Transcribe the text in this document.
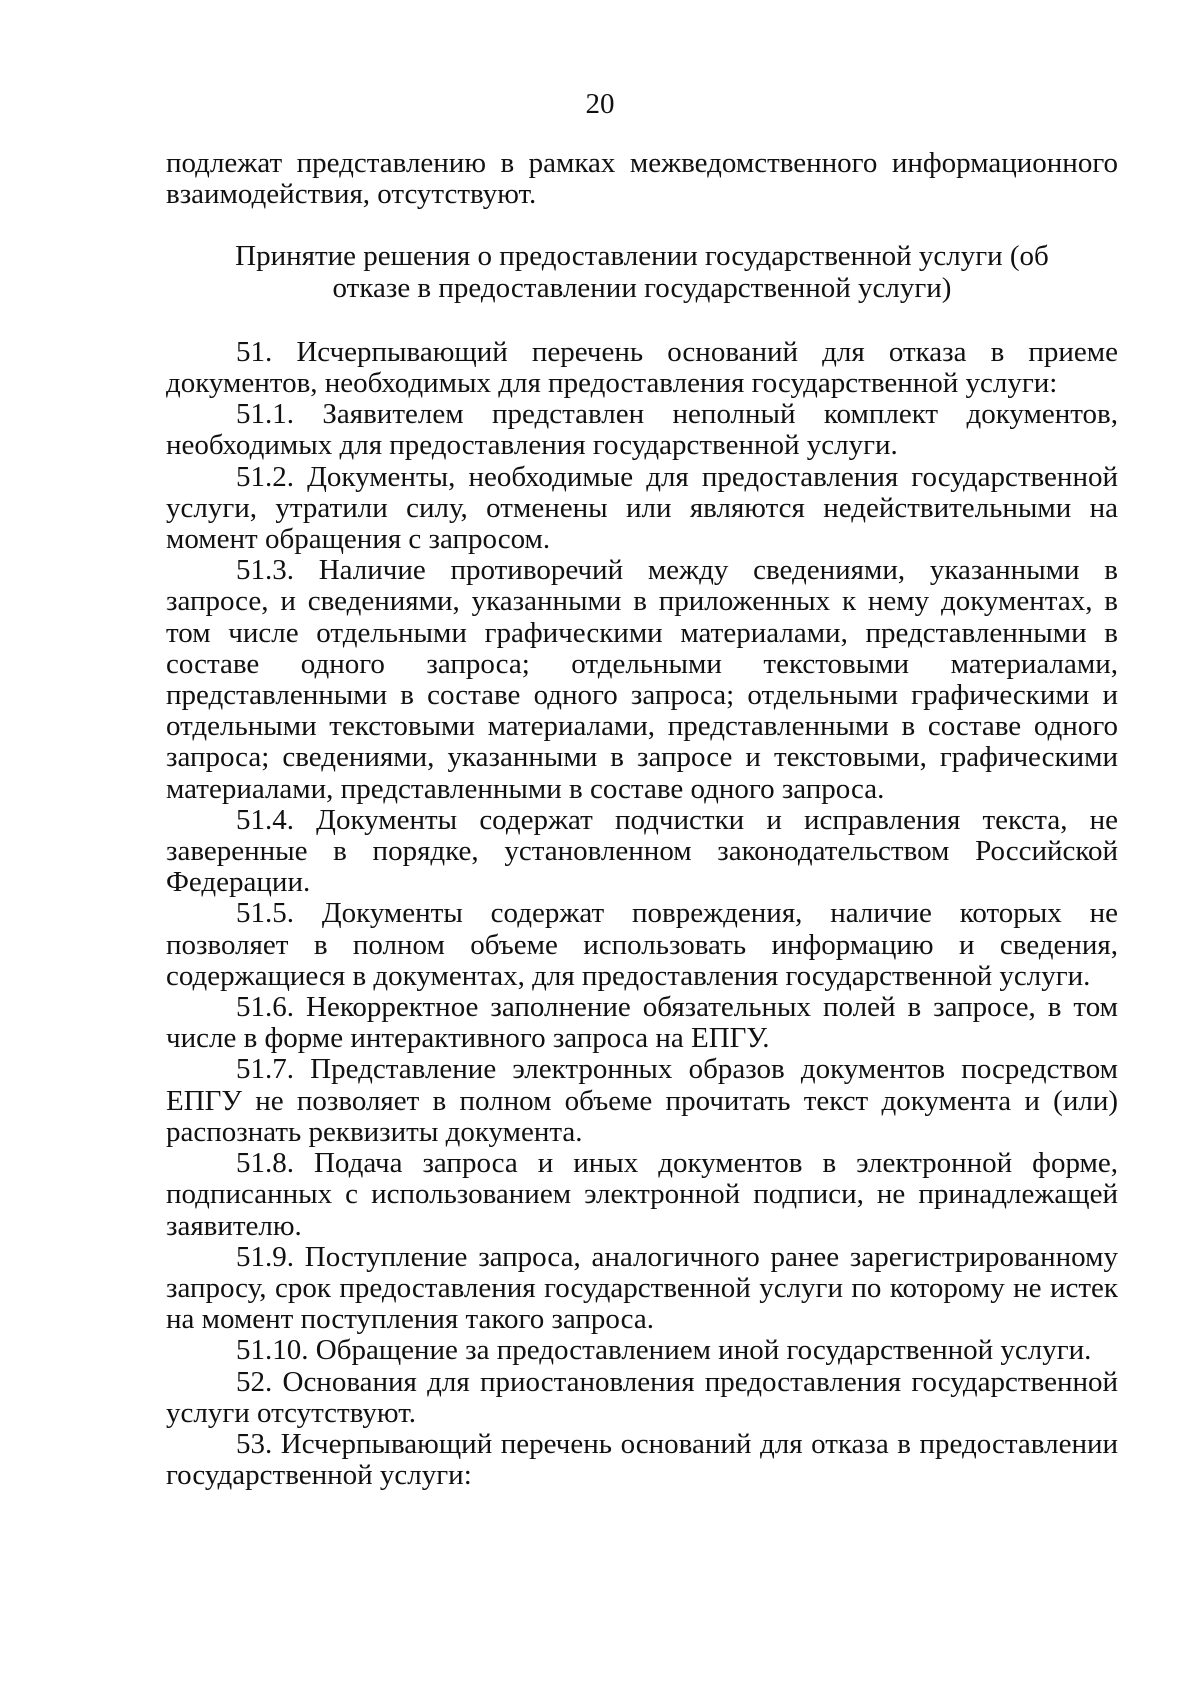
20

подлежат представлению в рамках межведомственного информационного взаимодействия, отсутствуют.

Принятие решения о предоставлении государственной услуги (об
отказе в предоставлении государственной услуги)

51. Исчерпывающий перечень оснований для отказа в приеме документов, необходимых для предоставления государственной услуги:

51.1. Заявителем представлен неполный комплект документов, необходимых для предоставления государственной услуги.

51.2. Документы, необходимые для предоставления государственной услуги, утратили силу, отменены или являются недействительными на момент обращения с запросом.

51.3. Наличие противоречий между сведениями, указанными в запросе, и сведениями, указанными в приложенных к нему документах, в том числе отдельными графическими материалами, представленными в составе одного запроса; отдельными текстовыми материалами, представленными в составе одного запроса; отдельными графическими и отдельными текстовыми материалами, представленными в составе одного запроса; сведениями, указанными в запросе и текстовыми, графическими материалами, представленными в составе одного запроса.

51.4. Документы содержат подчистки и исправления текста, не заверенные в порядке, установленном законодательством Российской Федерации.

51.5. Документы содержат повреждения, наличие которых не позволяет в полном объеме использовать информацию и сведения, содержащиеся в документах, для предоставления государственной услуги.

51.6. Некорректное заполнение обязательных полей в запросе, в том числе в форме интерактивного запроса на ЕПГУ.

51.7. Представление электронных образов документов посредством ЕПГУ не позволяет в полном объеме прочитать текст документа и (или) распознать реквизиты документа.

51.8. Подача запроса и иных документов в электронной форме, подписанных с использованием электронной подписи, не принадлежащей заявителю.

51.9. Поступление запроса, аналогичного ранее зарегистрированному запросу, срок предоставления государственной услуги по которому не истек на момент поступления такого запроса.

51.10. Обращение за предоставлением иной государственной услуги.

52. Основания для приостановления предоставления государственной услуги отсутствуют.

53. Исчерпывающий перечень оснований для отказа в предоставлении государственной услуги:
